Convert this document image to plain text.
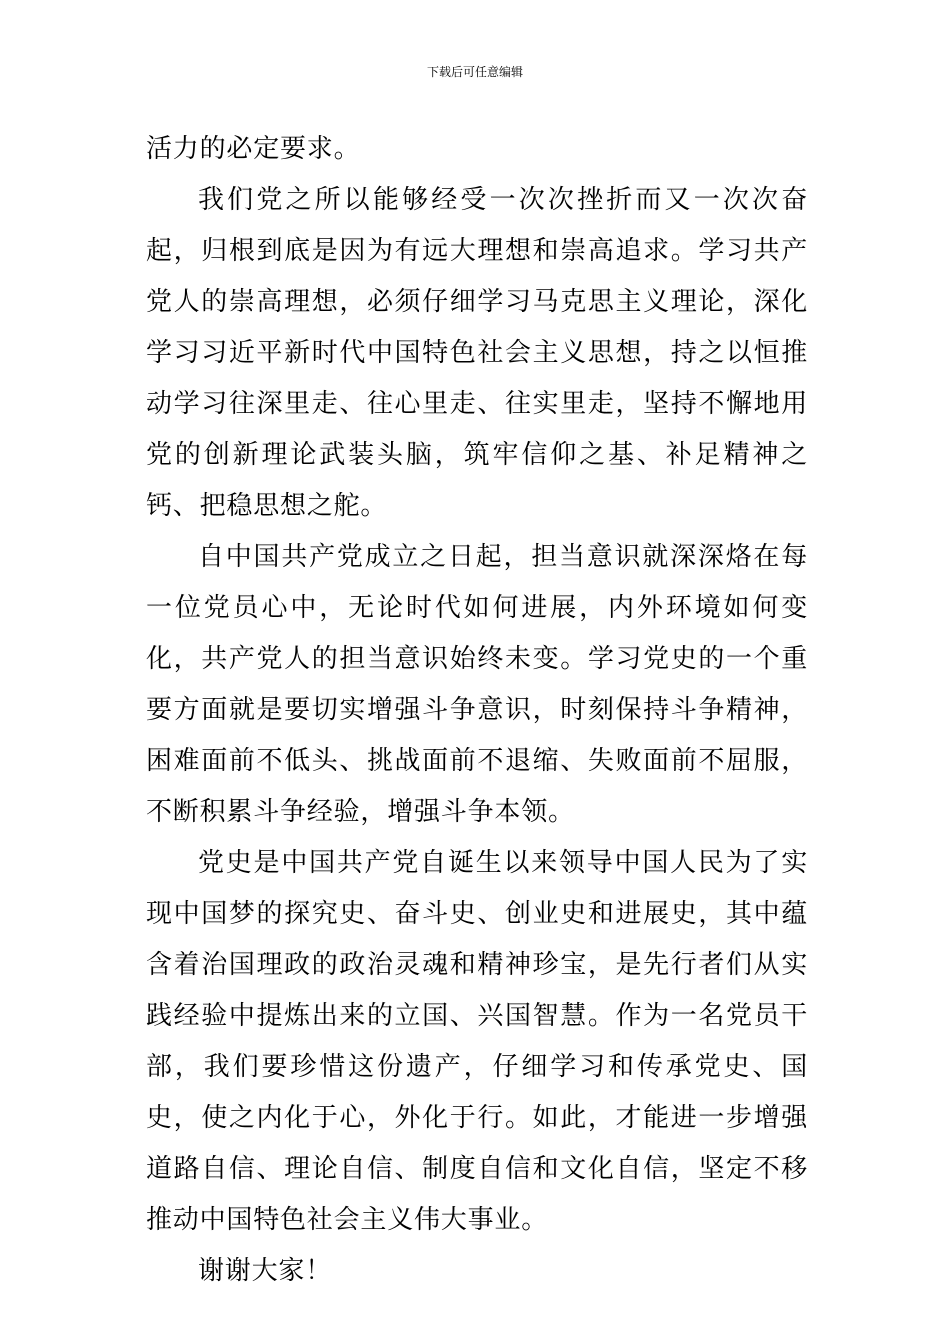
下载后可任意编辑

活力的必定要求。

我们党之所以能够经受一次次挫折而又一次次奋起，归根到底是因为有远大理想和崇高追求。学习共产党人的崇高理想，必须仔细学习马克思主义理论，深化学习习近平新时代中国特色社会主义思想，持之以恒推动学习往深里走、往心里走、往实里走，坚持不懈地用党的创新理论武装头脑，筑牢信仰之基、补足精神之钙、把稳思想之舵。

自中国共产党成立之日起，担当意识就深深烙在每一位党员心中，无论时代如何进展，内外环境如何变化，共产党人的担当意识始终未变。学习党史的一个重要方面就是要切实增强斗争意识，时刻保持斗争精神，困难面前不低头、挑战面前不退缩、失败面前不屈服，不断积累斗争经验，增强斗争本领。

党史是中国共产党自诞生以来领导中国人民为了实现中国梦的探究史、奋斗史、创业史和进展史，其中蕴含着治国理政的政治灵魂和精神珍宝，是先行者们从实践经验中提炼出来的立国、兴国智慧。作为一名党员干部，我们要珍惜这份遗产，仔细学习和传承党史、国史，使之内化于心，外化于行。如此，才能进一步增强道路自信、理论自信、制度自信和文化自信，坚定不移推动中国特色社会主义伟大事业。

谢谢大家！
